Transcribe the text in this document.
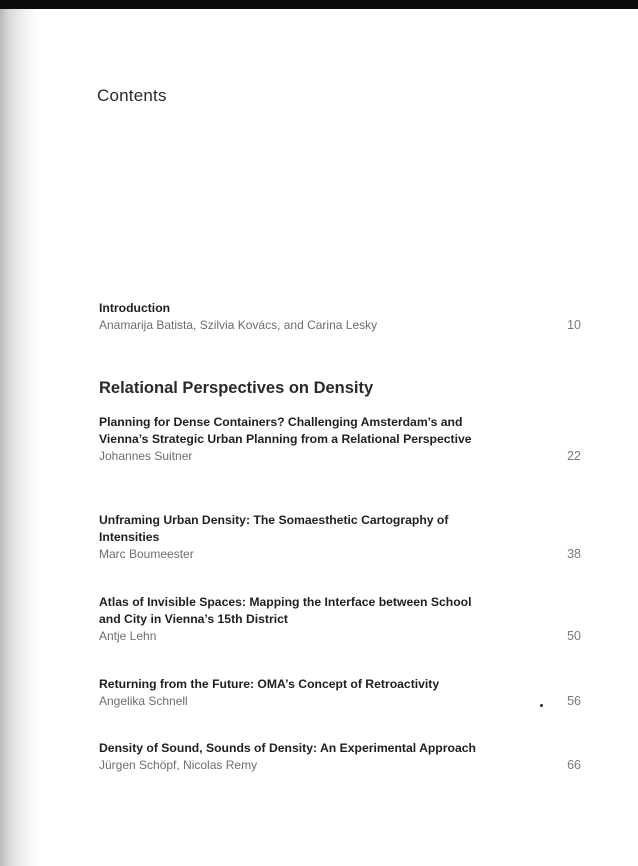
Contents
Introduction
Anamarija Batista, Szilvia Kovács, and Carina Lesky	10
Relational Perspectives on Density
Planning for Dense Containers? Challenging Amsterdam’s and Vienna’s Strategic Urban Planning from a Relational Perspective
Johannes Suitner	22
Unframing Urban Density: The Somaesthetic Cartography of Intensities
Marc Boumeester	38
Atlas of Invisible Spaces: Mapping the Interface between School and City in Vienna’s 15th District
Antje Lehn	50
Returning from the Future: OMA’s Concept of Retroactivity
Angelika Schnell	56
Density of Sound, Sounds of Density: An Experimental Approach
Jürgen Schöpf, Nicolas Remy	66
